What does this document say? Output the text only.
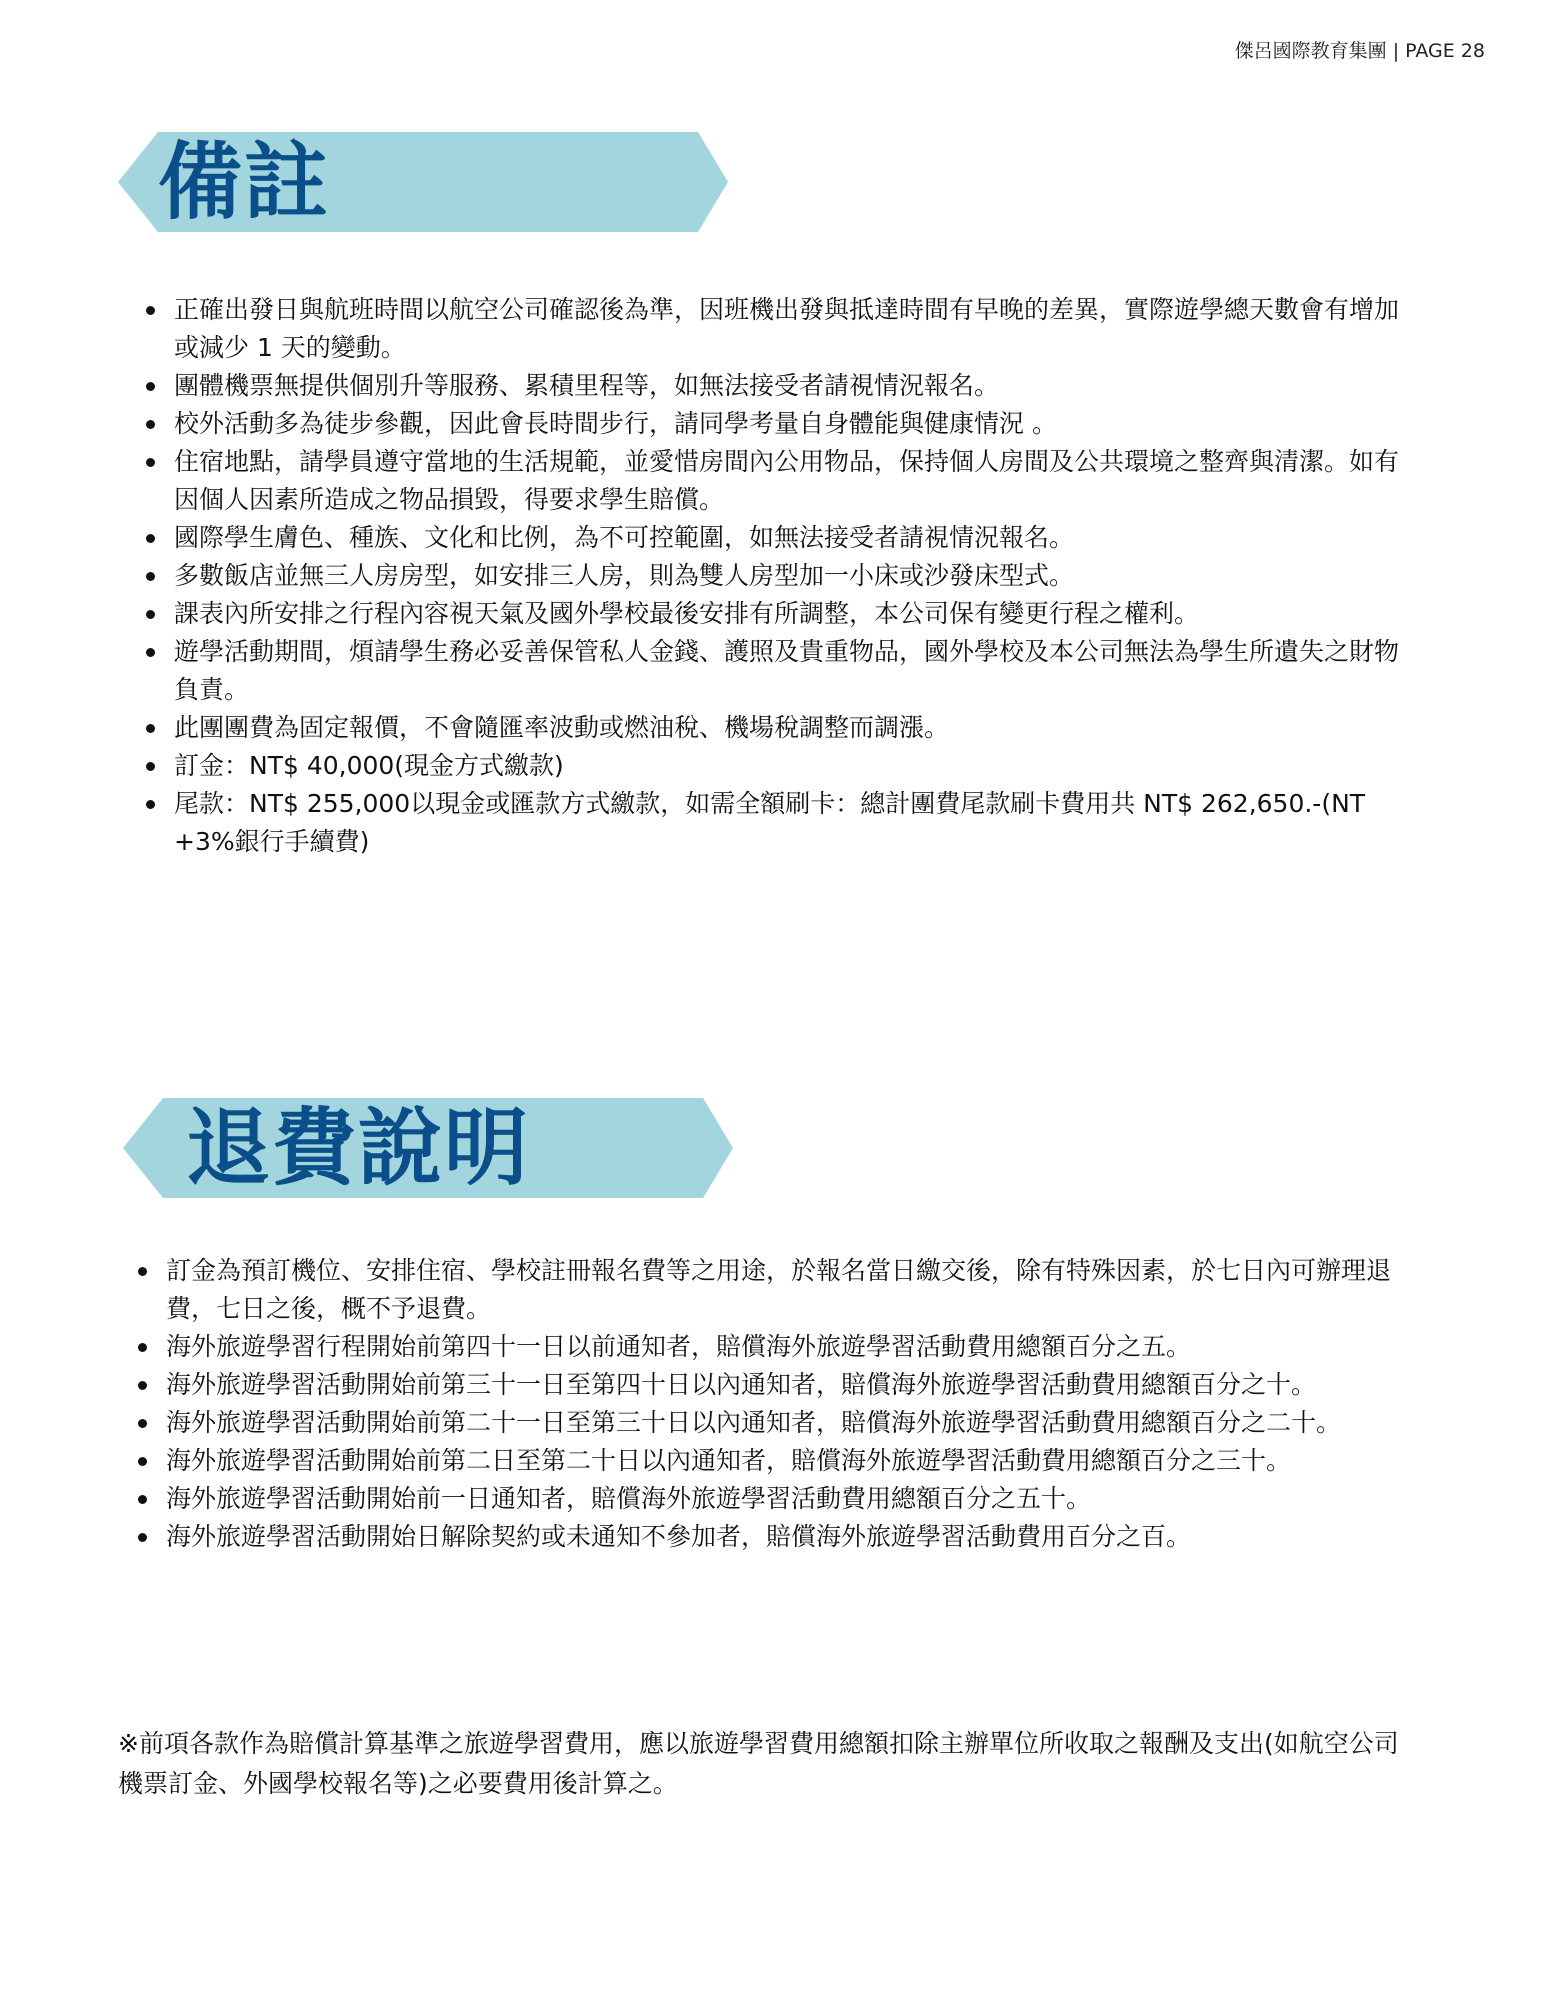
傑呂國際教育集團 | PAGE 28
備註
正確出發日與航班時間以航空公司確認後為準，因班機出發與抵達時間有早晚的差異，實際遊學總天數會有增加或減少 1 天的變動。
團體機票無提供個別升等服務、累積里程等，如無法接受者請視情況報名。
校外活動多為徒步參觀，因此會長時間步行，請同學考量自身體能與健康情況 。
住宿地點，請學員遵守當地的生活規範，並愛惜房間內公用物品，保持個人房間及公共環境之整齊與清潔。如有因個人因素所造成之物品損毀，得要求學生賠償。
國際學生膚色、種族、文化和比例，為不可控範圍，如無法接受者請視情況報名。
多數飯店並無三人房房型，如安排三人房，則為雙人房型加一小床或沙發床型式。
課表內所安排之行程內容視天氣及國外學校最後安排有所調整，本公司保有變更行程之權利。
遊學活動期間，煩請學生務必妥善保管私人金錢、護照及貴重物品，國外學校及本公司無法為學生所遺失之財物負責。
此團團費為固定報價，不會隨匯率波動或燃油稅、機場稅調整而調漲。
訂金：NT$ 40,000(現金方式繳款)
尾款：NT$ 255,000以現金或匯款方式繳款，如需全額刷卡：總計團費尾款刷卡費用共 NT$ 262,650.-(NT +3%銀行手續費)
退費說明
訂金為預訂機位、安排住宿、學校註冊報名費等之用途，於報名當日繳交後，除有特殊因素，於七日內可辦理退費，七日之後，概不予退費。
海外旅遊學習行程開始前第四十一日以前通知者，賠償海外旅遊學習活動費用總額百分之五。
海外旅遊學習活動開始前第三十一日至第四十日以內通知者，賠償海外旅遊學習活動費用總額百分之十。
海外旅遊學習活動開始前第二十一日至第三十日以內通知者，賠償海外旅遊學習活動費用總額百分之二十。
海外旅遊學習活動開始前第二日至第二十日以內通知者，賠償海外旅遊學習活動費用總額百分之三十。
海外旅遊學習活動開始前一日通知者，賠償海外旅遊學習活動費用總額百分之五十。
海外旅遊學習活動開始日解除契約或未通知不參加者，賠償海外旅遊學習活動費用百分之百。
※前項各款作為賠償計算基準之旅遊學習費用，應以旅遊學習費用總額扣除主辦單位所收取之報酬及支出(如航空公司機票訂金、外國學校報名等)之必要費用後計算之。
